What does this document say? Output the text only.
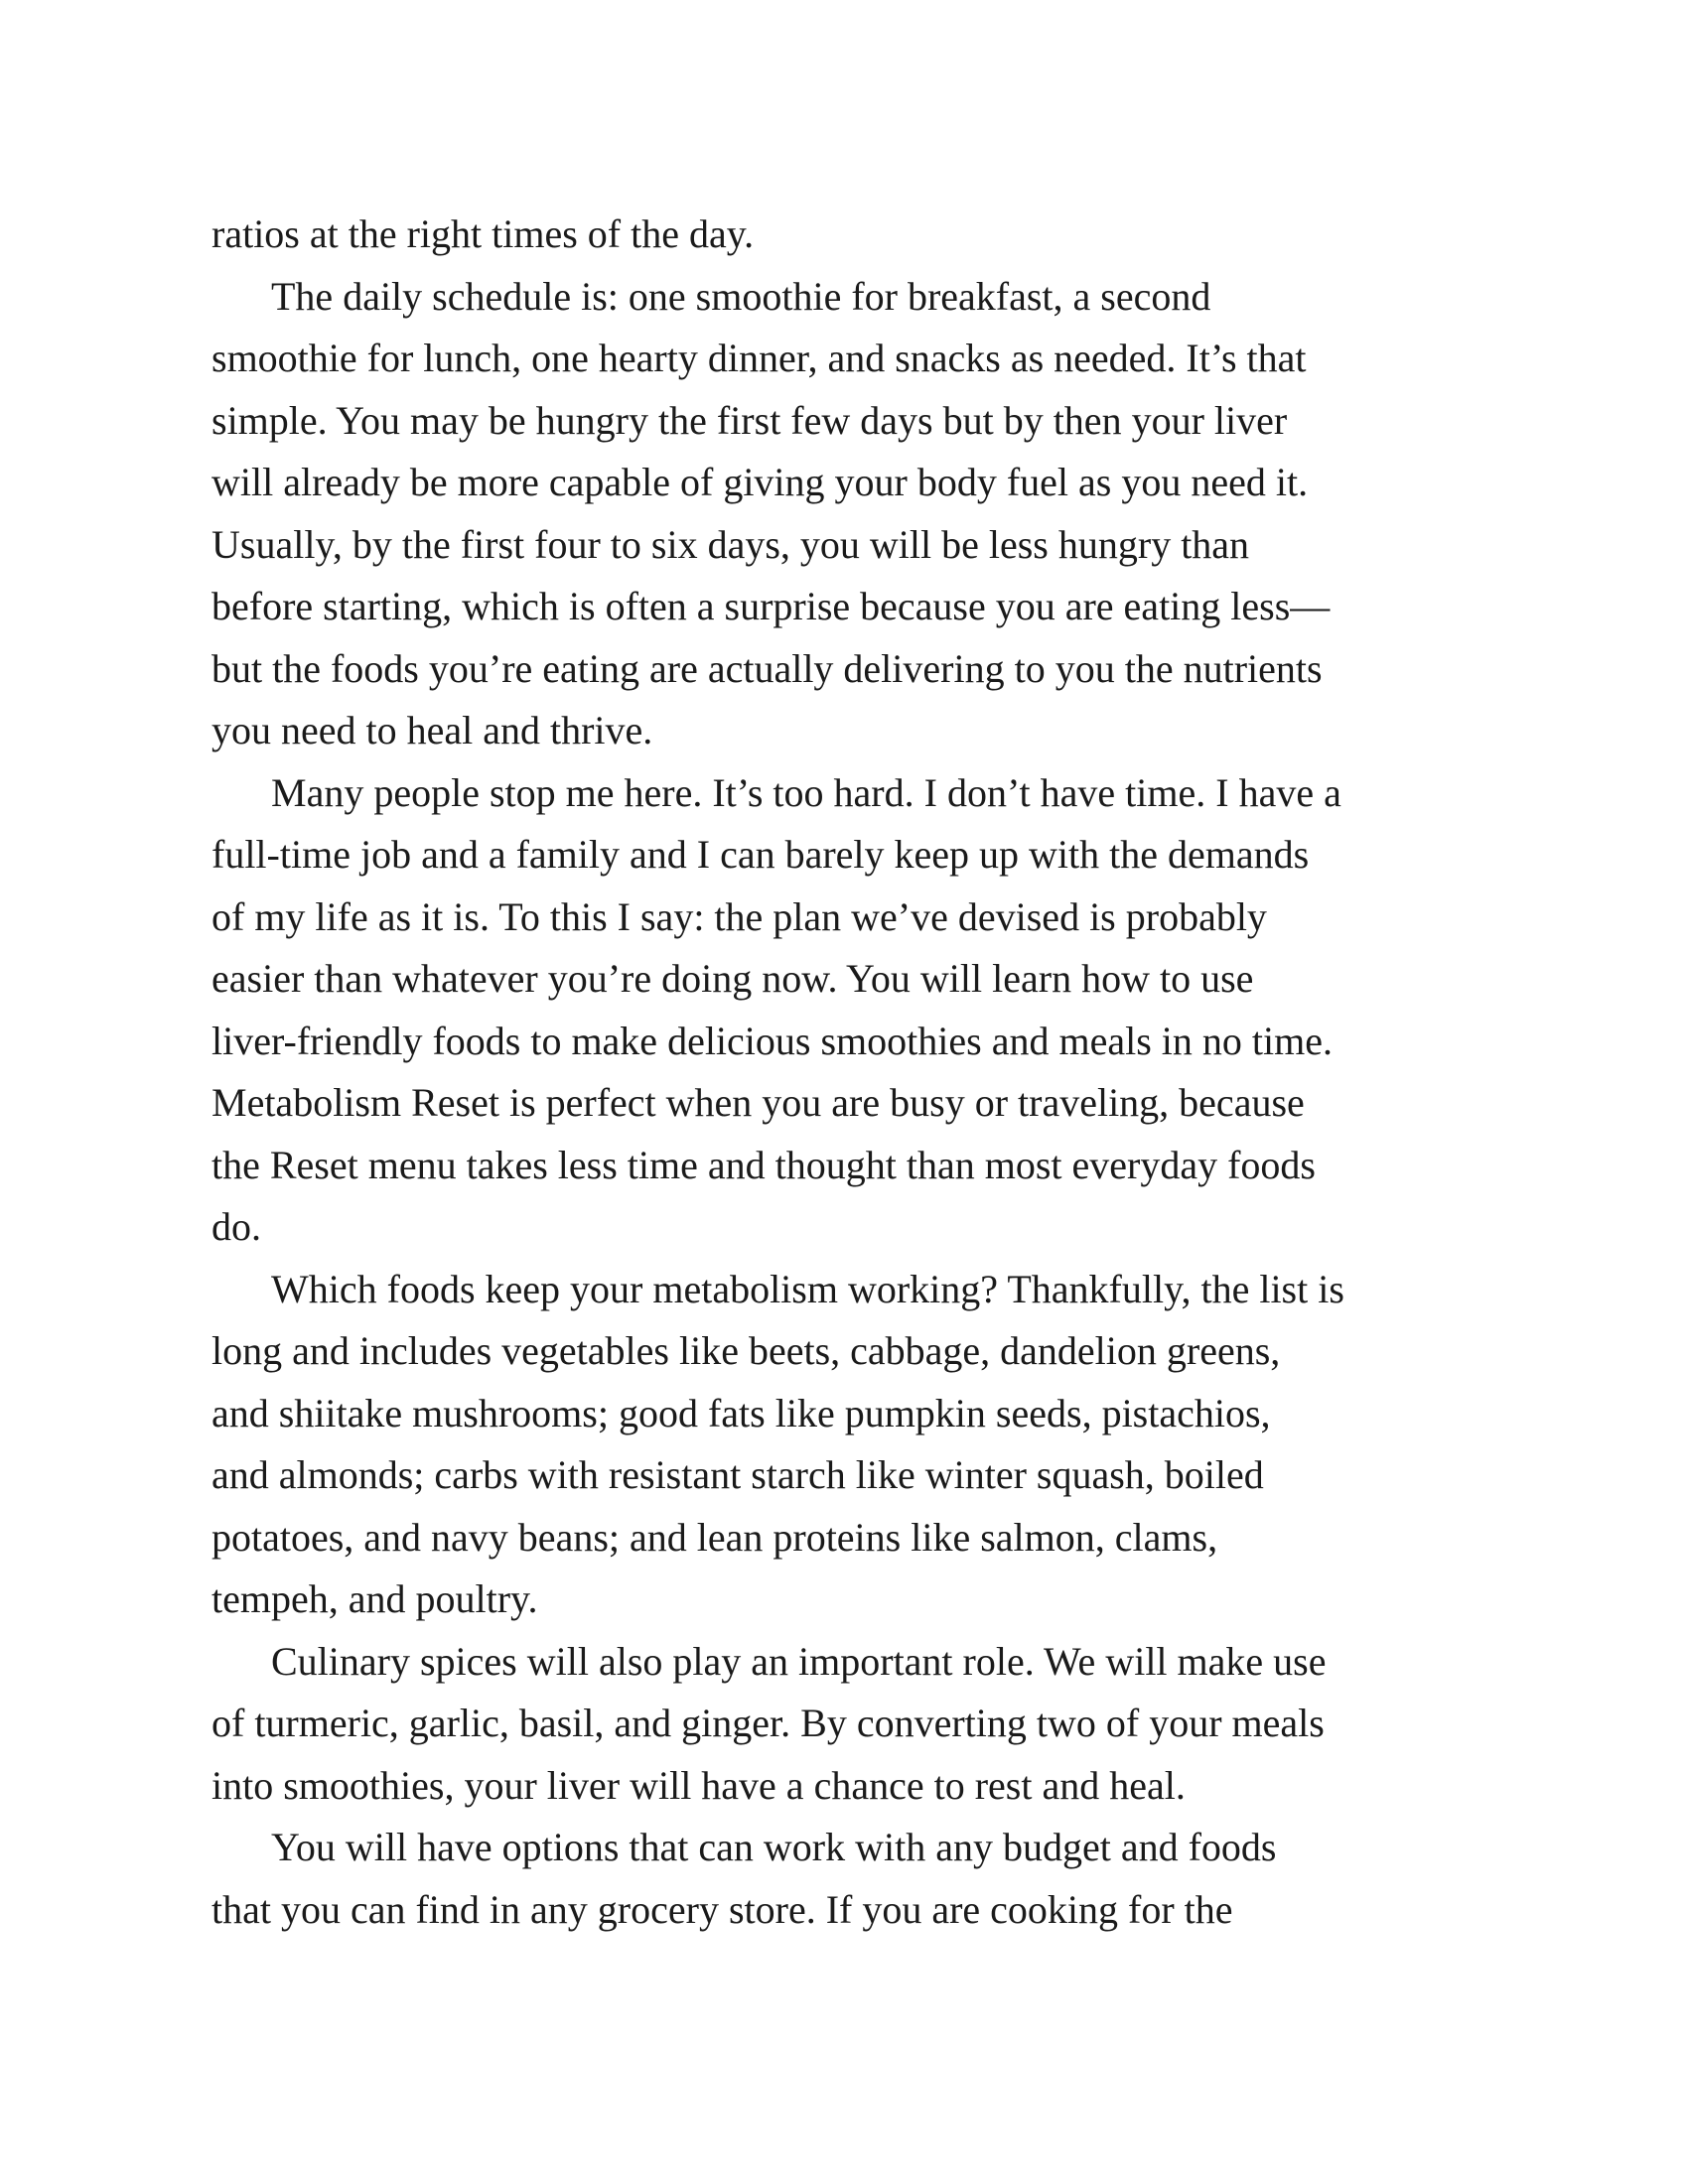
ratios at the right times of the day.

The daily schedule is: one smoothie for breakfast, a second
smoothie for lunch, one hearty dinner, and snacks as needed. It’s that
simple. You may be hungry the first few days but by then your liver
will already be more capable of giving your body fuel as you need it.
Usually, by the first four to six days, you will be less hungry than
before starting, which is often a surprise because you are eating less—
but the foods you’re eating are actually delivering to you the nutrients
you need to heal and thrive.

Many people stop me here. It’s too hard. I don’t have time. I have a
full-time job and a family and I can barely keep up with the demands
of my life as it is. To this I say: the plan we’ve devised is probably
easier than whatever you’re doing now. You will learn how to use
liver-friendly foods to make delicious smoothies and meals in no time.
Metabolism Reset is perfect when you are busy or traveling, because
the Reset menu takes less time and thought than most everyday foods
do.

Which foods keep your metabolism working? Thankfully, the list is
long and includes vegetables like beets, cabbage, dandelion greens,
and shiitake mushrooms; good fats like pumpkin seeds, pistachios,
and almonds; carbs with resistant starch like winter squash, boiled
potatoes, and navy beans; and lean proteins like salmon, clams,
tempeh, and poultry.

Culinary spices will also play an important role. We will make use
of turmeric, garlic, basil, and ginger. By converting two of your meals
into smoothies, your liver will have a chance to rest and heal.

You will have options that can work with any budget and foods
that you can find in any grocery store. If you are cooking for the
